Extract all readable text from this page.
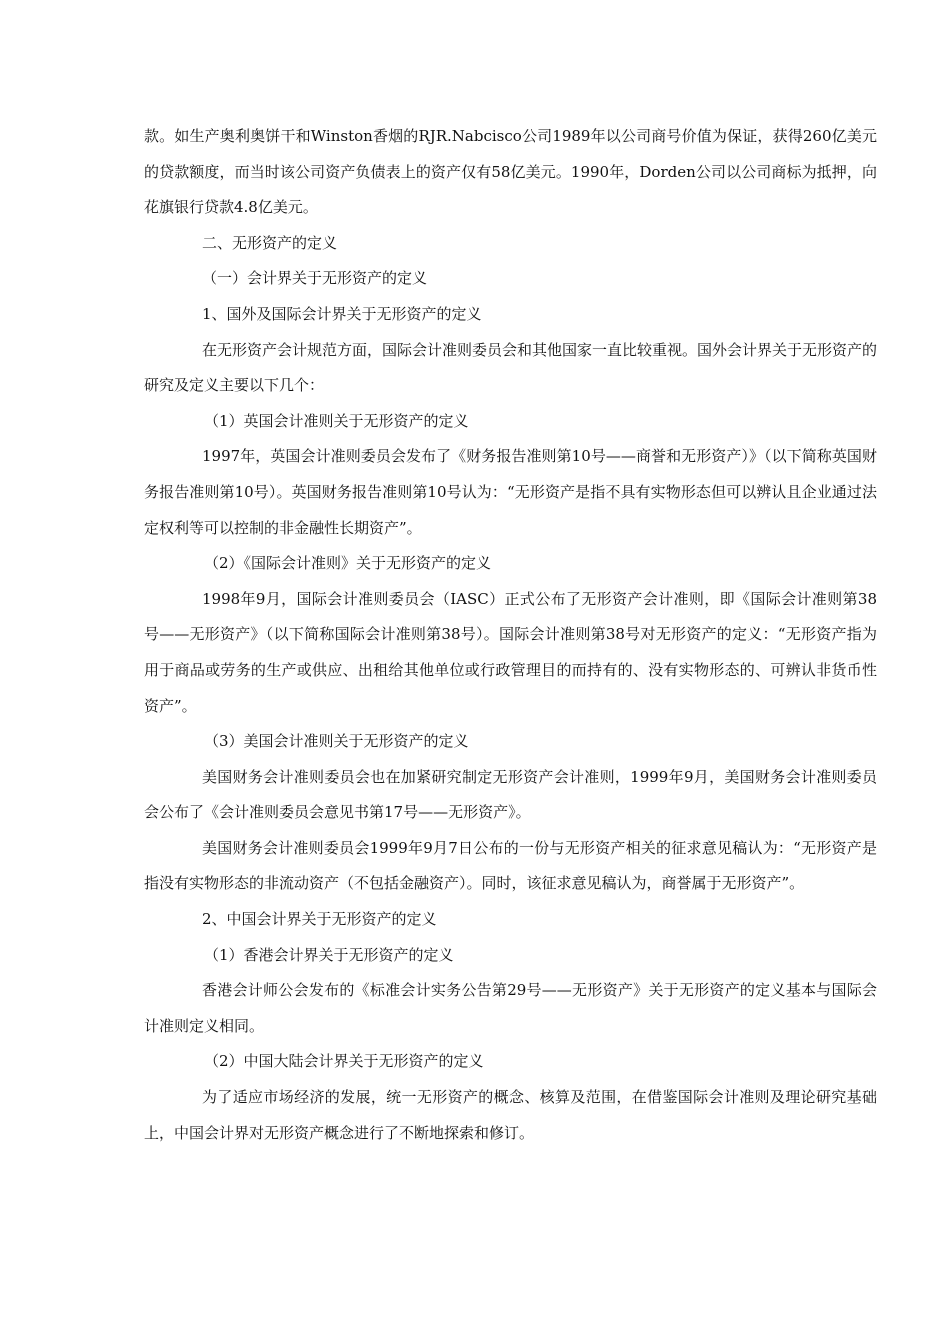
款。如生产奥利奥饼干和Winston香烟的RJR.Nabcisco公司1989年以公司商号价值为保证，获得260亿美元的贷款额度，而当时该公司资产负债表上的资产仅有58亿美元。1990年，Dorden公司以公司商标为抵押，向花旗银行贷款4.8亿美元。

二、无形资产的定义

（一）会计界关于无形资产的定义

1、国外及国际会计界关于无形资产的定义

在无形资产会计规范方面，国际会计准则委员会和其他国家一直比较重视。国外会计界关于无形资产的研究及定义主要以下几个：

（1）英国会计准则关于无形资产的定义

1997年，英国会计准则委员会发布了《财务报告准则第10号——商誉和无形资产）》（以下简称英国财务报告准则第10号）。英国财务报告准则第10号认为：“无形资产是指不具有实物形态但可以辨认且企业通过法定权利等可以控制的非金融性长期资产”。

（2）《国际会计准则》关于无形资产的定义

1998年9月，国际会计准则委员会（IASC）正式公布了无形资产会计准则，即《国际会计准则第38号——无形资产》（以下简称国际会计准则第38号）。国际会计准则第38号对无形资产的定义：“无形资产指为用于商品或劳务的生产或供应、出租给其他单位或行政管理目的而持有的、没有实物形态的、可辨认非货币性资产”。

（3）美国会计准则关于无形资产的定义

美国财务会计准则委员会也在加紧研究制定无形资产会计准则，1999年9月，美国财务会计准则委员会公布了《会计准则委员会意见书第17号——无形资产》。

美国财务会计准则委员会1999年9月7日公布的一份与无形资产相关的征求意见稿认为：“无形资产是指没有实物形态的非流动资产（不包括金融资产）。同时，该征求意见稿认为，商誉属于无形资产”。

2、中国会计界关于无形资产的定义

（1）香港会计界关于无形资产的定义

香港会计师公会发布的《标准会计实务公告第29号——无形资产》关于无形资产的定义基本与国际会计准则定义相同。

（2）中国大陆会计界关于无形资产的定义

为了适应市场经济的发展，统一无形资产的概念、核算及范围，在借鉴国际会计准则及理论研究基础上，中国会计界对无形资产概念进行了不断地探索和修订。
